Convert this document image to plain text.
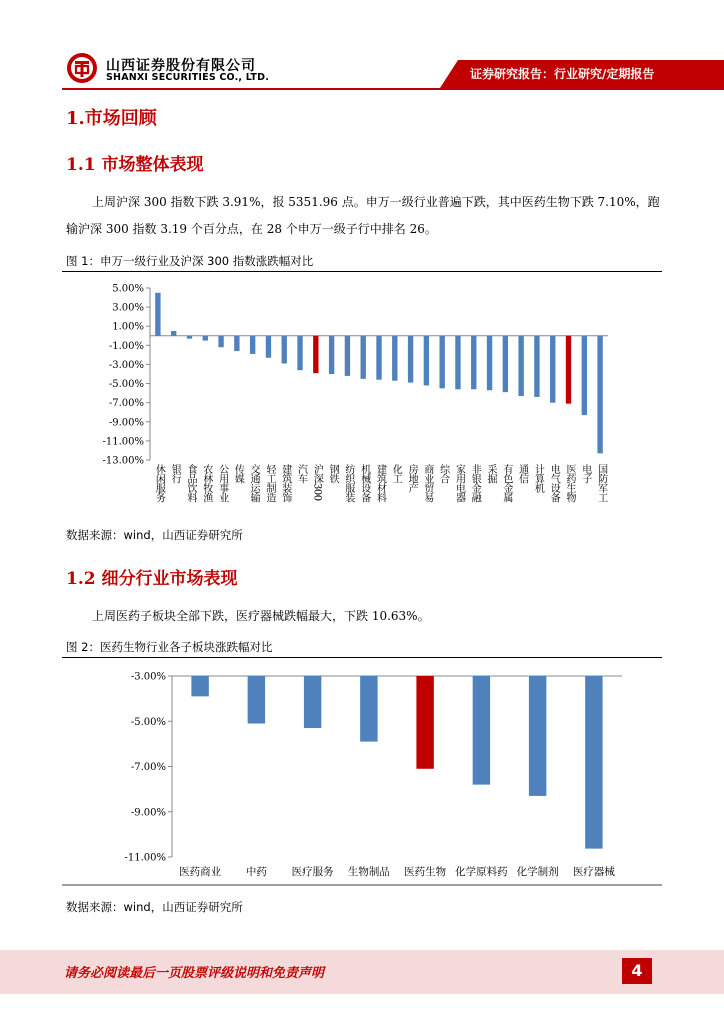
山西证券股份有限公司
SHANXI SECURITIES CO., LTD.	证券研究报告：行业研究/定期报告
1.市场回顾
1.1 市场整体表现
上周沪深 300 指数下跌 3.91%，报 5351.96 点。申万一级行业普遍下跌，其中医药生物下跌 7.10%，跑
输沪深 300 指数 3.19 个百分点，在 28 个申万一级子行中排名 26。
图 1：申万一级行业及沪深 300 指数涨跌幅对比
5.00%
3.00%
1.00%
-1.00%
-3.00%
-5.00%
-7.00%
-9.00%
-11.00%
-13.00%
休闲服务 银行 食品饮料 农林牧渔 公用事业 传媒 交通运输 轻工制造 建筑装饰 汽车 沪深300 钢铁 纺织服装 机械设备 建筑材料 化工 房地产 商业贸易 综合 家用电器 非银金融 采掘 有色金属 通信 计算机 电气设备 医药生物 电子 国防军工
数据来源：wind，山西证券研究所
1.2 细分行业市场表现
上周医药子板块全部下跌，医疗器械跌幅最大，下跌 10.63%。
图 2：医药生物行业各子板块涨跌幅对比
-3.00%
-5.00%
-7.00%
-9.00%
-11.00%
医药商业 中药 医疗服务 生物制品 医药生物 化学原料药 化学制剂 医疗器械
数据来源：wind，山西证券研究所
请务必阅读最后一页股票评级说明和免责声明	4
